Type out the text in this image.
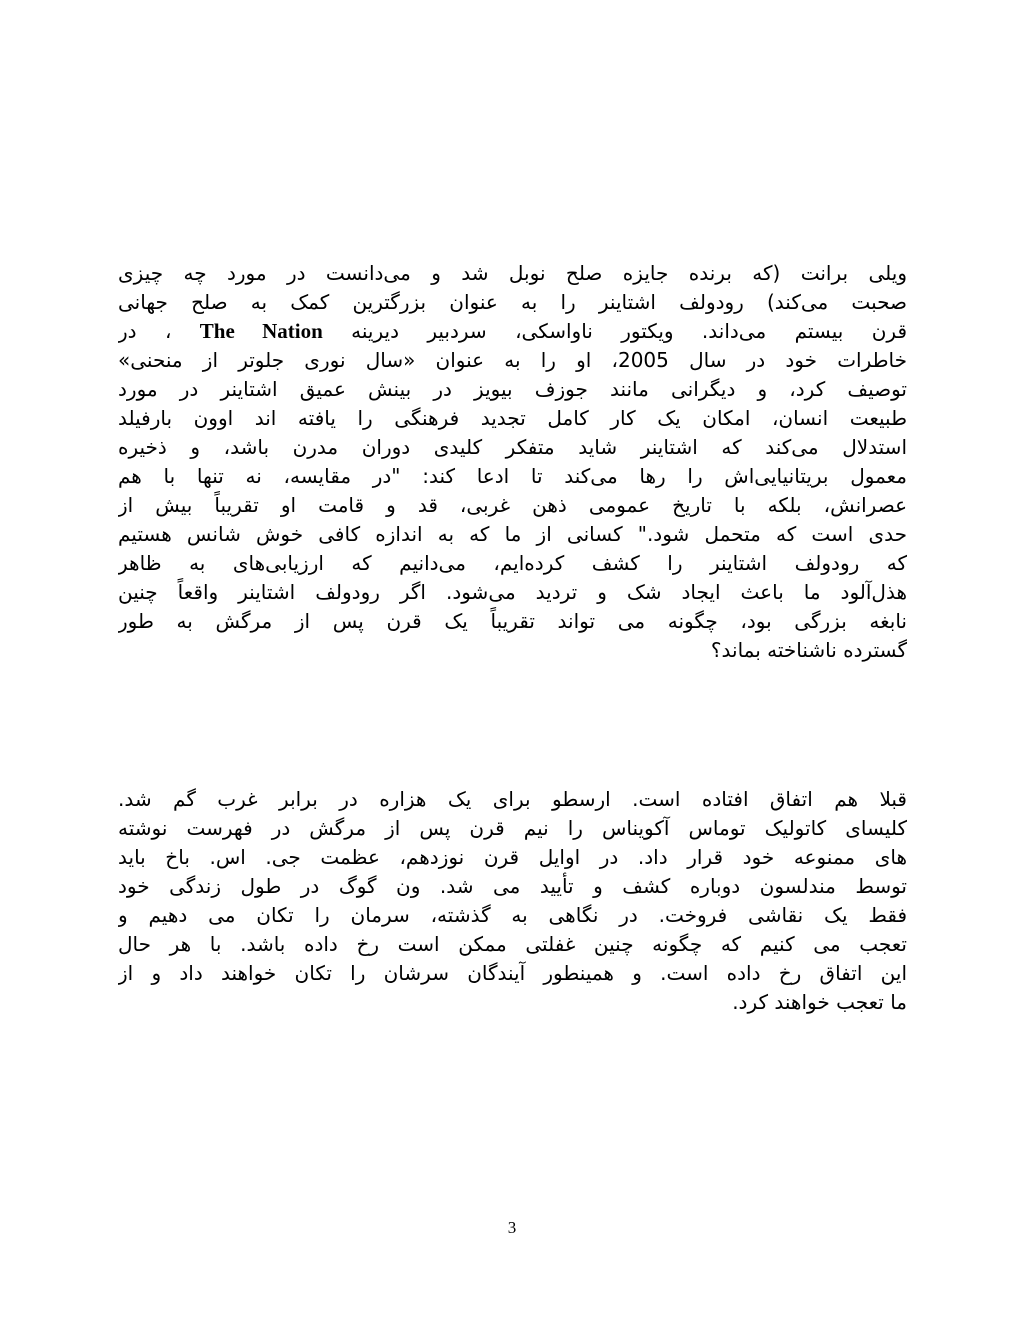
ویلی برانت (که برنده جایزه صلح نوبل شد و می‌دانست در مورد چه چیزی
صحبت می‌کند) رودولف اشتاینر را به عنوان بزرگترین کمک به صلح جهانی
قرن بیستم می‌داند. ویکتور ناواسکی، سردبیر دیرینه The Nation ، در
خاطرات خود در سال 2005، او را به عنوان «سال نوری جلوتر از منحنی»
توصیف کرد، و دیگرانی مانند جوزف بیویز در بینش عمیق اشتاینر در مورد
طبیعت انسان، امکان یک کار کامل تجدید فرهنگی را یافته اند اوون بارفیلد
استدلال می‌کند که اشتاینر شاید متفکر کلیدی دوران مدرن باشد، و ذخیره
معمول بریتانیایی‌اش را رها می‌کند تا ادعا کند: "در مقایسه، نه تنها با هم
عصرانش، بلکه با تاریخ عمومی ذهن غربی، قد و قامت او تقریباً بیش از
حدی است که متحمل شود." کسانی از ما که به اندازه کافی خوش شانس هستیم
که رودولف اشتاینر را کشف کرده‌ایم، می‌دانیم که ارزیابی‌های به ظاهر
هذل‌آلود ما باعث ایجاد شک و تردید می‌شود. اگر رودولف اشتاینر واقعاً چنین
نابغه بزرگی بود، چگونه می تواند تقریباً یک قرن پس از مرگش به طور
گسترده ناشناخته بماند؟
قبلا هم اتفاق افتاده است. ارسطو برای یک هزاره در برابر غرب گم شد.
کلیسای کاتولیک توماس آکویناس را نیم قرن پس از مرگش در فهرست نوشته
های ممنوعه خود قرار داد. در اوایل قرن نوزدهم، عظمت جی. اس. باخ باید
توسط مندلسون دوباره کشف و تأیید می شد. ون گوگ در طول زندگی خود
فقط یک نقاشی فروخت. در نگاهی به گذشته، سرمان را تکان می دهیم و
تعجب می کنیم که چگونه چنین غفلتی ممکن است رخ داده باشد. با هر حال
این اتفاق رخ داده است. و همینطور آیندگان سرشان را تکان خواهند داد و از
ما تعجب خواهند کرد.
3
